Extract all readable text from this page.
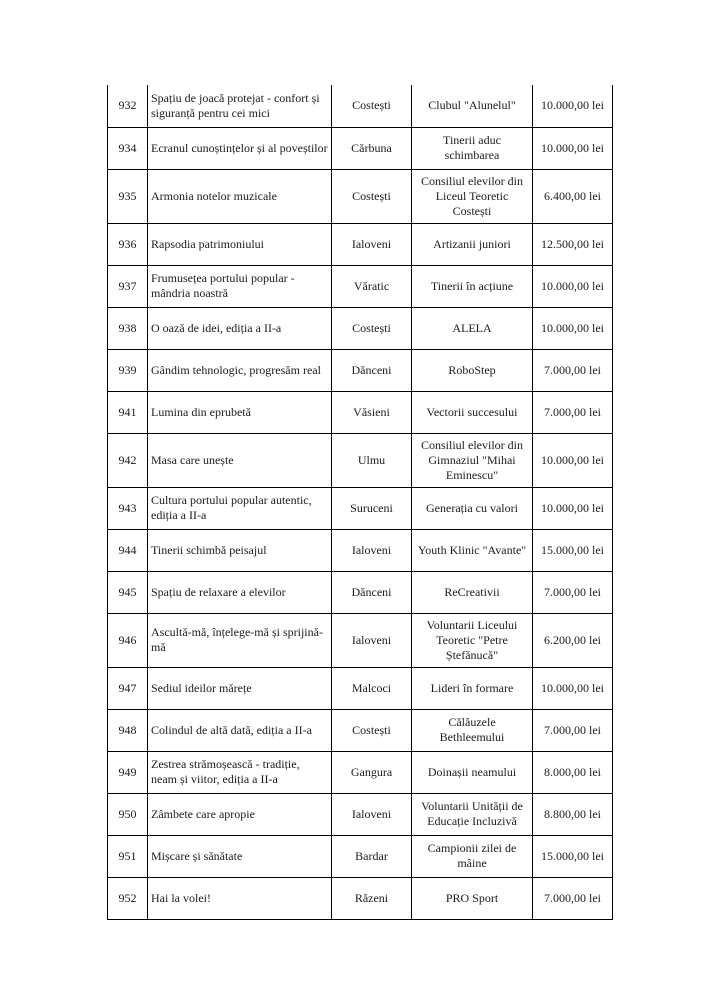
932	Spațiu de joacă protejat - confort și siguranță pentru cei mici	Costești	Clubul "Alunelul"	10.000,00 lei
934	Ecranul cunoștințelor și al poveștilor	Cărbuna	Tinerii aduc schimbarea	10.000,00 lei
935	Armonia notelor muzicale	Costești	Consiliul elevilor din Liceul Teoretic Costești	6.400,00 lei
936	Rapsodia patrimoniului	Ialoveni	Artizanii juniori	12.500,00 lei
937	Frumusețea portului popular - mândria noastră	Văratic	Tinerii în acțiune	10.000,00 lei
938	O oază de idei, ediția a II-a	Costești	ALELA	10.000,00 lei
939	Gândim tehnologic, progresăm real	Dănceni	RoboStep	7.000,00 lei
941	Lumina din eprubetă	Văsieni	Vectorii succesului	7.000,00 lei
942	Masa care unește	Ulmu	Consiliul elevilor din Gimnaziul "Mihai Eminescu"	10.000,00 lei
943	Cultura portului popular autentic, ediția a II-a	Suruceni	Generația cu valori	10.000,00 lei
944	Tinerii schimbă peisajul	Ialoveni	Youth Klinic "Avante"	15.000,00 lei
945	Spațiu de relaxare a elevilor	Dănceni	ReCreativii	7.000,00 lei
946	Ascultă-mă, înțelege-mă și sprijină-mă	Ialoveni	Voluntarii Liceului Teoretic "Petre Ștefănucă"	6.200,00 lei
947	Sediul ideilor mărețe	Malcoci	Lideri în formare	10.000,00 lei
948	Colindul de altă dată, ediția a II-a	Costești	Călăuzele Bethleemului	7.000,00 lei
949	Zestrea strămoșească - tradiție, neam și viitor, ediția a II-a	Gangura	Doinașii neamului	8.000,00 lei
950	Zâmbete care apropie	Ialoveni	Voluntarii Unității de Educație Incluzivă	8.800,00 lei
951	Mișcare și sănătate	Bardar	Campionii zilei de mâine	15.000,00 lei
952	Hai la volei!	Răzeni	PRO Sport	7.000,00 lei
